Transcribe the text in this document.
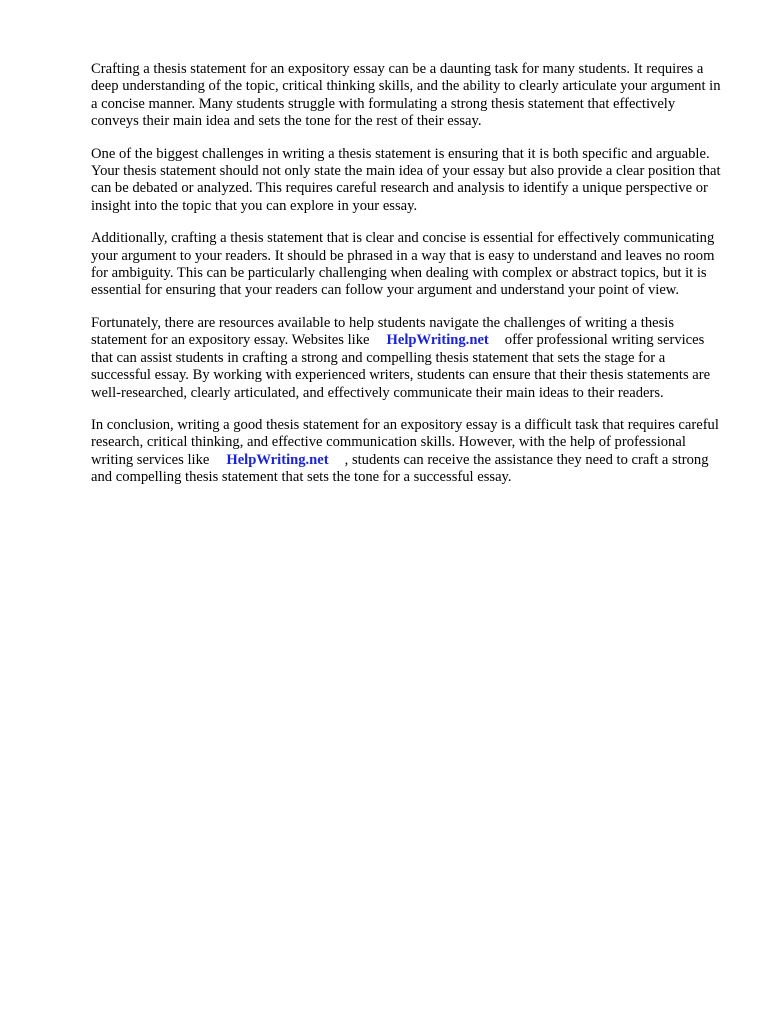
Crafting a thesis statement for an expository essay can be a daunting task for many students. It requires a deep understanding of the topic, critical thinking skills, and the ability to clearly articulate your argument in a concise manner. Many students struggle with formulating a strong thesis statement that effectively conveys their main idea and sets the tone for the rest of their essay.

One of the biggest challenges in writing a thesis statement is ensuring that it is both specific and arguable. Your thesis statement should not only state the main idea of your essay but also provide a clear position that can be debated or analyzed. This requires careful research and analysis to identify a unique perspective or insight into the topic that you can explore in your essay.

Additionally, crafting a thesis statement that is clear and concise is essential for effectively communicating your argument to your readers. It should be phrased in a way that is easy to understand and leaves no room for ambiguity. This can be particularly challenging when dealing with complex or abstract topics, but it is essential for ensuring that your readers can follow your argument and understand your point of view.

Fortunately, there are resources available to help students navigate the challenges of writing a thesis statement for an expository essay. Websites like HelpWriting.net offer professional writing services that can assist students in crafting a strong and compelling thesis statement that sets the stage for a successful essay. By working with experienced writers, students can ensure that their thesis statements are well-researched, clearly articulated, and effectively communicate their main ideas to their readers.

In conclusion, writing a good thesis statement for an expository essay is a difficult task that requires careful research, critical thinking, and effective communication skills. However, with the help of professional writing services like HelpWriting.net , students can receive the assistance they need to craft a strong and compelling thesis statement that sets the tone for a successful essay.
